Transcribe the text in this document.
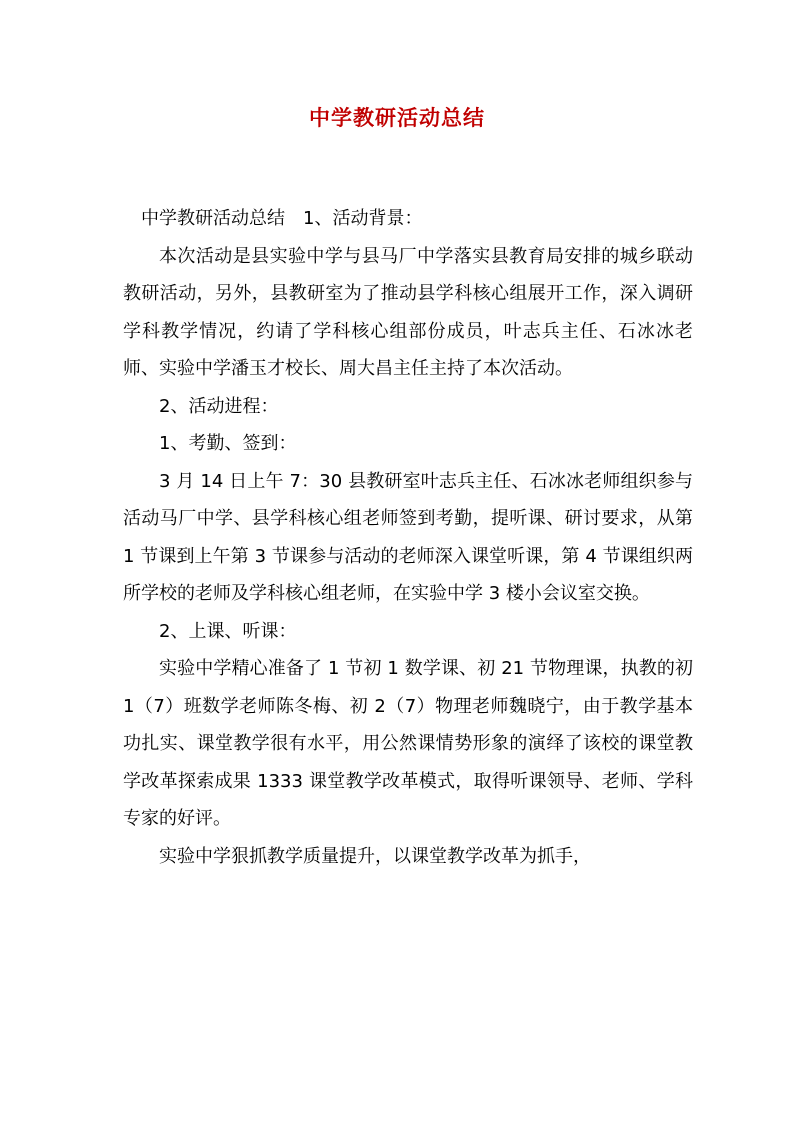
中学教研活动总结

中学教研活动总结　1、活动背景：

本次活动是县实验中学与县马厂中学落实县教育局安排的城乡联动教研活动，另外，县教研室为了推动县学科核心组展开工作，深入调研学科教学情况，约请了学科核心组部份成员，叶志兵主任、石冰冰老师、实验中学潘玉才校长、周大昌主任主持了本次活动。

2、活动进程：

1、考勤、签到：

3 月 14 日上午 7：30 县教研室叶志兵主任、石冰冰老师组织参与活动马厂中学、县学科核心组老师签到考勤，提听课、研讨要求，从第 1 节课到上午第 3 节课参与活动的老师深入课堂听课，第 4 节课组织两所学校的老师及学科核心组老师，在实验中学 3 楼小会议室交换。

2、上课、听课：

实验中学精心准备了 1 节初 1 数学课、初 21 节物理课，执教的初 1（7）班数学老师陈冬梅、初 2（7）物理老师魏晓宁，由于教学基本功扎实、课堂教学很有水平，用公然课情势形象的演绎了该校的课堂教学改革探索成果 1333 课堂教学改革模式，取得听课领导、老师、学科专家的好评。

实验中学狠抓教学质量提升，以课堂教学改革为抓手，
